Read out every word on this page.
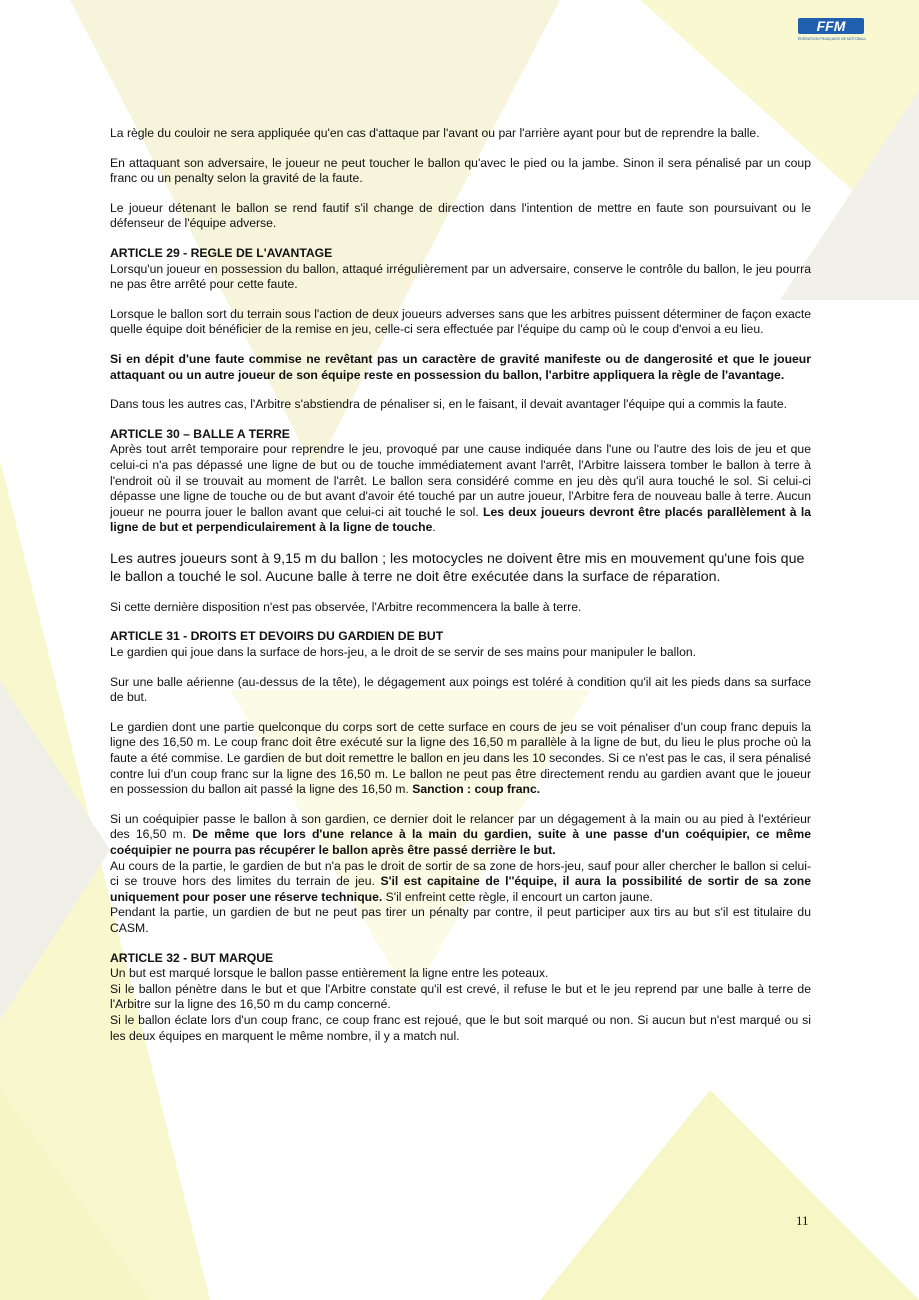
FFM
FÉDÉRATION FRANÇAISE DE MOTOBALL

La règle du couloir ne sera appliquée qu'en cas d'attaque par l'avant ou par l'arrière ayant pour but de reprendre la balle.

En attaquant son adversaire, le joueur ne peut toucher le ballon qu'avec le pied ou la jambe. Sinon il sera pénalisé par un coup franc ou un penalty selon la gravité de la faute.

Le joueur détenant le ballon se rend fautif s'il change de direction dans l'intention de mettre en faute son poursuivant ou le défenseur de l'équipe adverse.

ARTICLE 29 - REGLE DE L'AVANTAGE

Lorsqu'un joueur en possession du ballon, attaqué irrégulièrement par un adversaire, conserve le contrôle du ballon, le jeu pourra ne pas être arrêté pour cette faute.

Lorsque le ballon sort du terrain sous l'action de deux joueurs adverses sans que les arbitres puissent déterminer de façon exacte quelle équipe doit bénéficier de la remise en jeu, celle-ci sera effectuée par l'équipe du camp où le coup d'envoi a eu lieu.

Si en dépit d'une faute commise ne revêtant pas un caractère de gravité manifeste ou de dangerosité et que le joueur attaquant ou un autre joueur de son équipe reste en possession du ballon, l'arbitre appliquera la règle de l'avantage.

Dans tous les autres cas, l'Arbitre s'abstiendra de pénaliser si, en le faisant, il devait avantager l'équipe qui a commis la faute.

ARTICLE 30 – BALLE A TERRE

Après tout arrêt temporaire pour reprendre le jeu, provoqué par une cause indiquée dans l'une ou l'autre des lois de jeu et que celui-ci n'a pas dépassé une ligne de but ou de touche immédiatement avant l'arrêt, l'Arbitre laissera tomber le ballon à terre à l'endroit où il se trouvait au moment de l'arrêt. Le ballon sera considéré comme en jeu dès qu'il aura touché le sol. Si celui-ci dépasse une ligne de touche ou de but avant d'avoir été touché par un autre joueur, l'Arbitre fera de nouveau balle à terre. Aucun joueur ne pourra jouer le ballon avant que celui-ci ait touché le sol. Les deux joueurs devront être placés parallèlement à la ligne de but et perpendiculairement à la ligne de touche.

Les autres joueurs sont à 9,15 m du ballon ; les motocycles ne doivent être mis en mouvement qu'une fois que le ballon a touché le sol. Aucune balle à terre ne doit être exécutée dans la surface de réparation.

Si cette dernière disposition n'est pas observée, l'Arbitre recommencera la balle à terre.

ARTICLE 31 - DROITS ET DEVOIRS DU GARDIEN DE BUT

Le gardien qui joue dans la surface de hors-jeu, a le droit de se servir de ses mains pour manipuler le ballon.

Sur une balle aérienne (au-dessus de la tête), le dégagement aux poings est toléré à condition qu'il ait les pieds dans sa surface de but.

Le gardien dont une partie quelconque du corps sort de cette surface en cours de jeu se voit pénaliser d'un coup franc depuis la ligne des 16,50 m. Le coup franc doit être exécuté sur la ligne des 16,50 m parallèle à la ligne de but, du lieu le plus proche où la faute a été commise. Le gardien de but doit remettre le ballon en jeu dans les 10 secondes. Si ce n'est pas le cas, il sera pénalisé contre lui d'un coup franc sur la ligne des 16,50 m. Le ballon ne peut pas être directement rendu au gardien avant que le joueur en possession du ballon ait passé la ligne des 16,50 m. Sanction : coup franc.

Si un coéquipier passe le ballon à son gardien, ce dernier doit le relancer par un dégagement à la main ou au pied à l'extérieur des 16,50 m. De même que lors d'une relance à la main du gardien, suite à une passe d'un coéquipier, ce même coéquipier ne pourra pas récupérer le ballon après être passé derrière le but.

Au cours de la partie, le gardien de but n'a pas le droit de sortir de sa zone de hors-jeu, sauf pour aller chercher le ballon si celui-ci se trouve hors des limites du terrain de jeu. S'il est capitaine de l''équipe, il aura la possibilité de sortir de sa zone uniquement pour poser une réserve technique. S'il enfreint cette règle, il encourt un carton jaune.

Pendant la partie, un gardien de but ne peut pas tirer un pénalty par contre, il peut participer aux tirs au but s'il est titulaire du CASM.

ARTICLE 32 - BUT MARQUE

Un but est marqué lorsque le ballon passe entièrement la ligne entre les poteaux.

Si le ballon pénètre dans le but et que l'Arbitre constate qu'il est crevé, il refuse le but et le jeu reprend par une balle à terre de l'Arbitre sur la ligne des 16,50 m du camp concerné.

Si le ballon éclate lors d'un coup franc, ce coup franc est rejoué, que le but soit marqué ou non. Si aucun but n'est marqué ou si les deux équipes en marquent le même nombre, il y a match nul.

11
